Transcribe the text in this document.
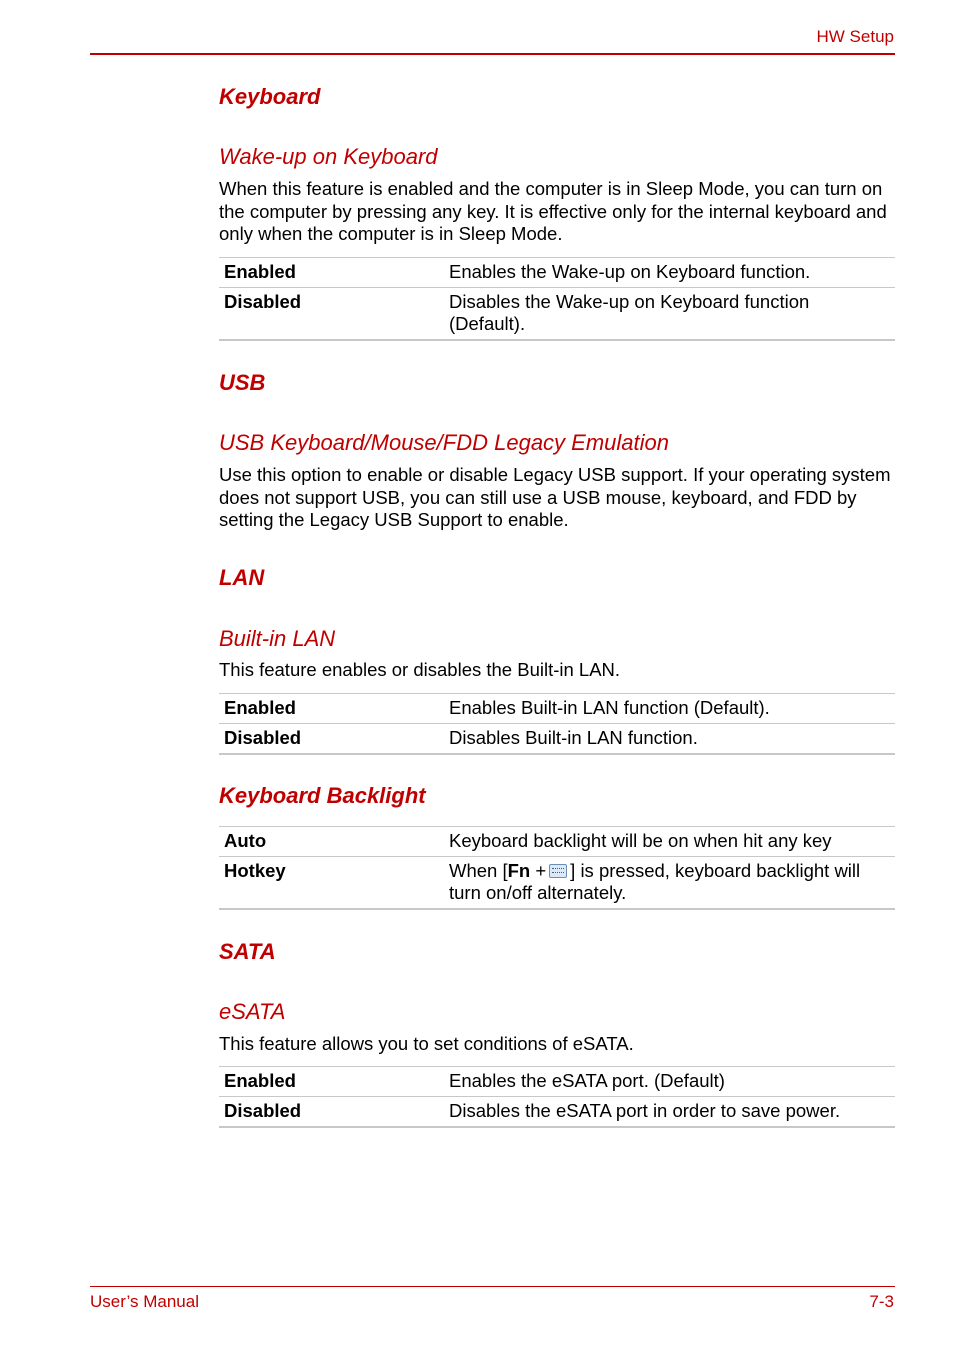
HW Setup
Keyboard
Wake-up on Keyboard
When this feature is enabled and the computer is in Sleep Mode, you can turn on the computer by pressing any key. It is effective only for the internal keyboard and only when the computer is in Sleep Mode.
Enabled	Enables the Wake-up on Keyboard function.
Disabled	Disables the Wake-up on Keyboard function (Default).
USB
USB Keyboard/Mouse/FDD Legacy Emulation
Use this option to enable or disable Legacy USB support. If your operating system does not support USB, you can still use a USB mouse, keyboard, and FDD by setting the Legacy USB Support to enable.
LAN
Built-in LAN
This feature enables or disables the Built-in LAN.
Enabled	Enables Built-in LAN function (Default).
Disabled	Disables Built-in LAN function.
Keyboard Backlight
Auto	Keyboard backlight will be on when hit any key
Hotkey	When [Fn + ] is pressed, keyboard backlight will turn on/off alternately.
SATA
eSATA
This feature allows you to set conditions of eSATA.
Enabled	Enables the eSATA port. (Default)
Disabled	Disables the eSATA port in order to save power.
User’s Manual	7-3
